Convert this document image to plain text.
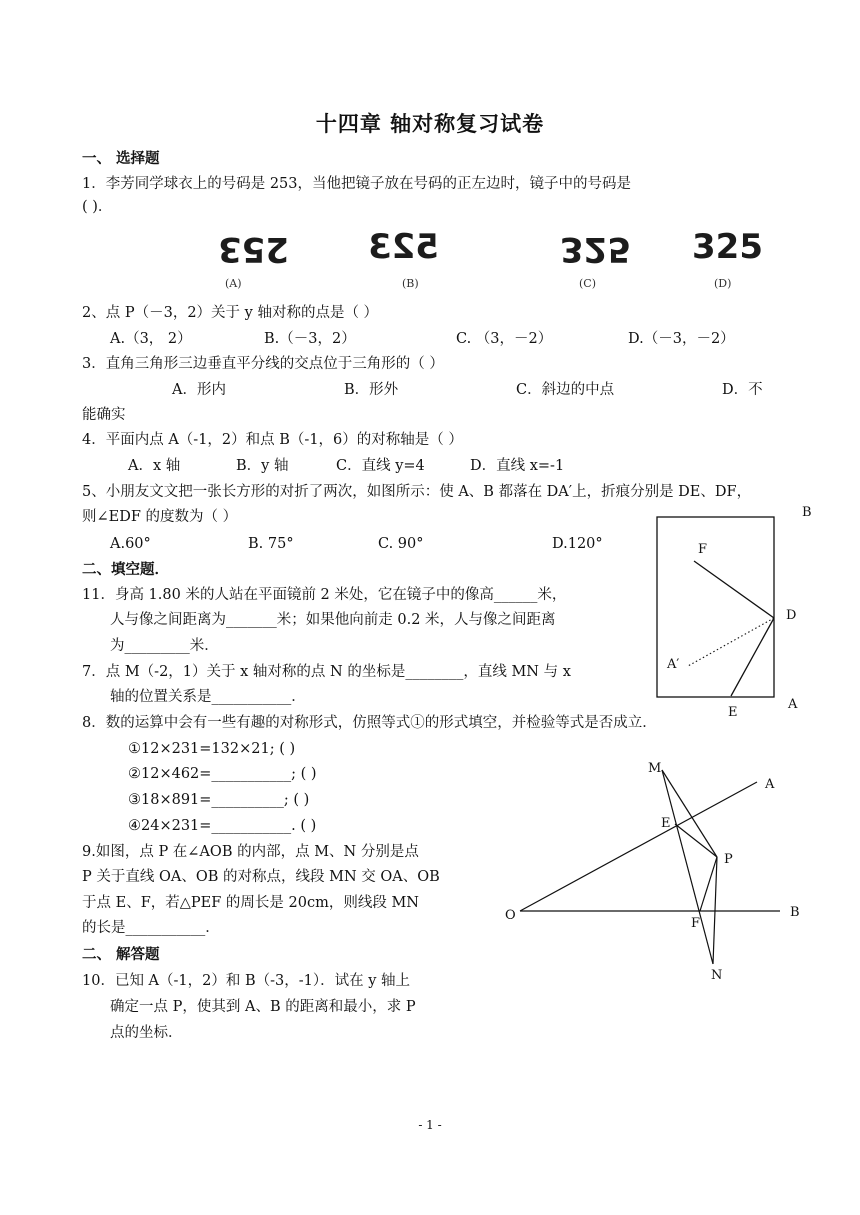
十四章 轴对称复习试卷
一、 选择题
1．李芳同学球衣上的号码是 253，当他把镜子放在号码的正左边时，镜子中的号码是
( )．
253 523	325 325
(A)	(B)	(C)	(D)
2、点 P（－3，2）关于 y 轴对称的点是（ ）
A.（3， 2）	B.（－3，2）	C. （3，－2）	D.（－3，－2）
3．直角三角形三边垂直平分线的交点位于三角形的（ ）
A．形内	B．形外	C．斜边的中点	D．不
能确实
4．平面内点 A（-1，2）和点 B（-1，6）的对称轴是（ ）
A．x 轴	B．y 轴	C．直线 y=4	D．直线 x=-1
5、小朋友文文把一张长方形的对折了两次，如图所示：使 A、B 都落在 DA′上，折痕分别是 DE、DF，
则∠EDF 的度数为（ ）
A.60°	B. 75°	C. 90°	D.120°
B
F
D
A′
E
A
二、填空题．
11．身高 1.80 米的人站在平面镜前 2 米处，它在镜子中的像高______米，
人与像之间距离为_______米；如果他向前走 0.2 米，人与像之间距离
为_________米．
7．点 M（-2，1）关于 x 轴对称的点 N 的坐标是________，直线 MN 与 x
轴的位置关系是___________．
8．数的运算中会有一些有趣的对称形式，仿照等式①的形式填空，并检验等式是否成立．
①12×231=132×21; ( )
②12×462=___________; ( )
③18×891=__________; ( )
④24×231=___________. ( )
9.如图，点 P 在∠AOB 的内部，点 M、N 分别是点
P 关于直线 OA、OB 的对称点，线段 MN 交 OA、OB
于点 E、F，若△PEF 的周长是 20cm，则线段 MN
的长是___________．
M
A
E
P
O
F
B
N
二、 解答题
10．已知 A（-1，2）和 B（-3，-1）．试在 y 轴上
确定一点 P，使其到 A、B 的距离和最小，求 P
点的坐标．
- 1 -
